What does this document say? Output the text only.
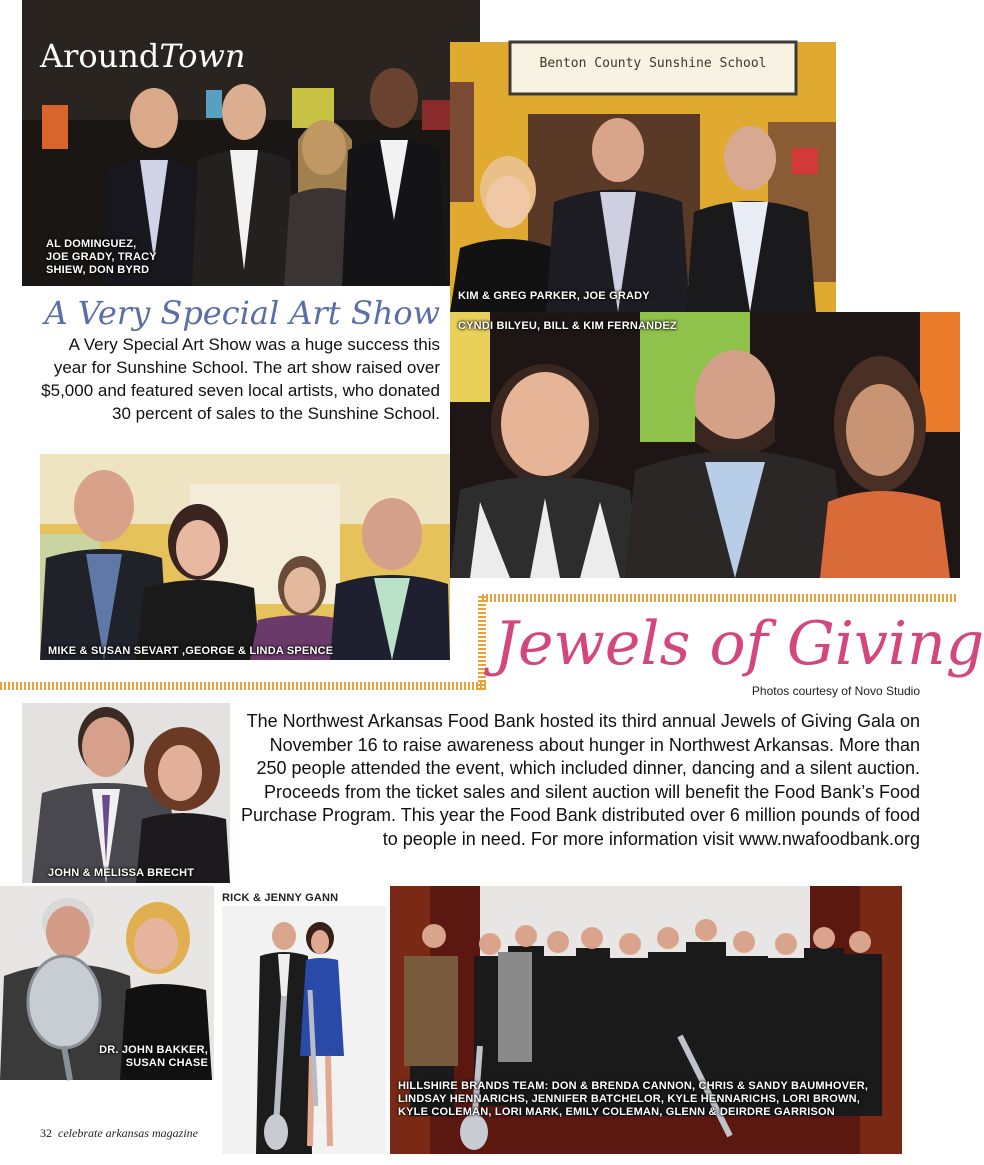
AroundTown
AL DOMINGUEZ,
JOE GRADY, TRACY
SHIEW, DON BYRD
Benton County Sunshine School
KIM & GREG PARKER, JOE GRADY
CYNDI BILYEU, BILL & KIM FERNANDEZ
A Very Special Art Show
A Very Special Art Show was a huge success this year for Sunshine School. The art show raised over $5,000 and featured seven local artists, who donated 30 percent of sales to the Sunshine School.
MIKE & SUSAN SEVART ,GEORGE & LINDA SPENCE	Jewels of Giving
Photos courtesy of Novo Studio
JOHN & MELISSA BRECHT
The Northwest Arkansas Food Bank hosted its third annual Jewels of Giving Gala on November 16 to raise awareness about hunger in Northwest Arkansas. More than 250 people attended the event, which included dinner, dancing and a silent auction. Proceeds from the ticket sales and silent auction will benefit the Food Bank’s Food Purchase Program. This year the Food Bank distributed over 6 million pounds of food to people in need. For more information visit www.nwafoodbank.org
DR. JOHN BAKKER,
SUSAN CHASE
RICK & JENNY GANN
HILLSHIRE BRANDS TEAM: DON & BRENDA CANNON, CHRIS & SANDY BAUMHOVER,
LINDSAY HENNARICHS, JENNIFER BATCHELOR, KYLE HENNARICHS, LORI BROWN,
KYLE COLEMAN, LORI MARK, EMILY COLEMAN, GLENN & DEIRDRE GARRISON
32 celebrate arkansas magazine
